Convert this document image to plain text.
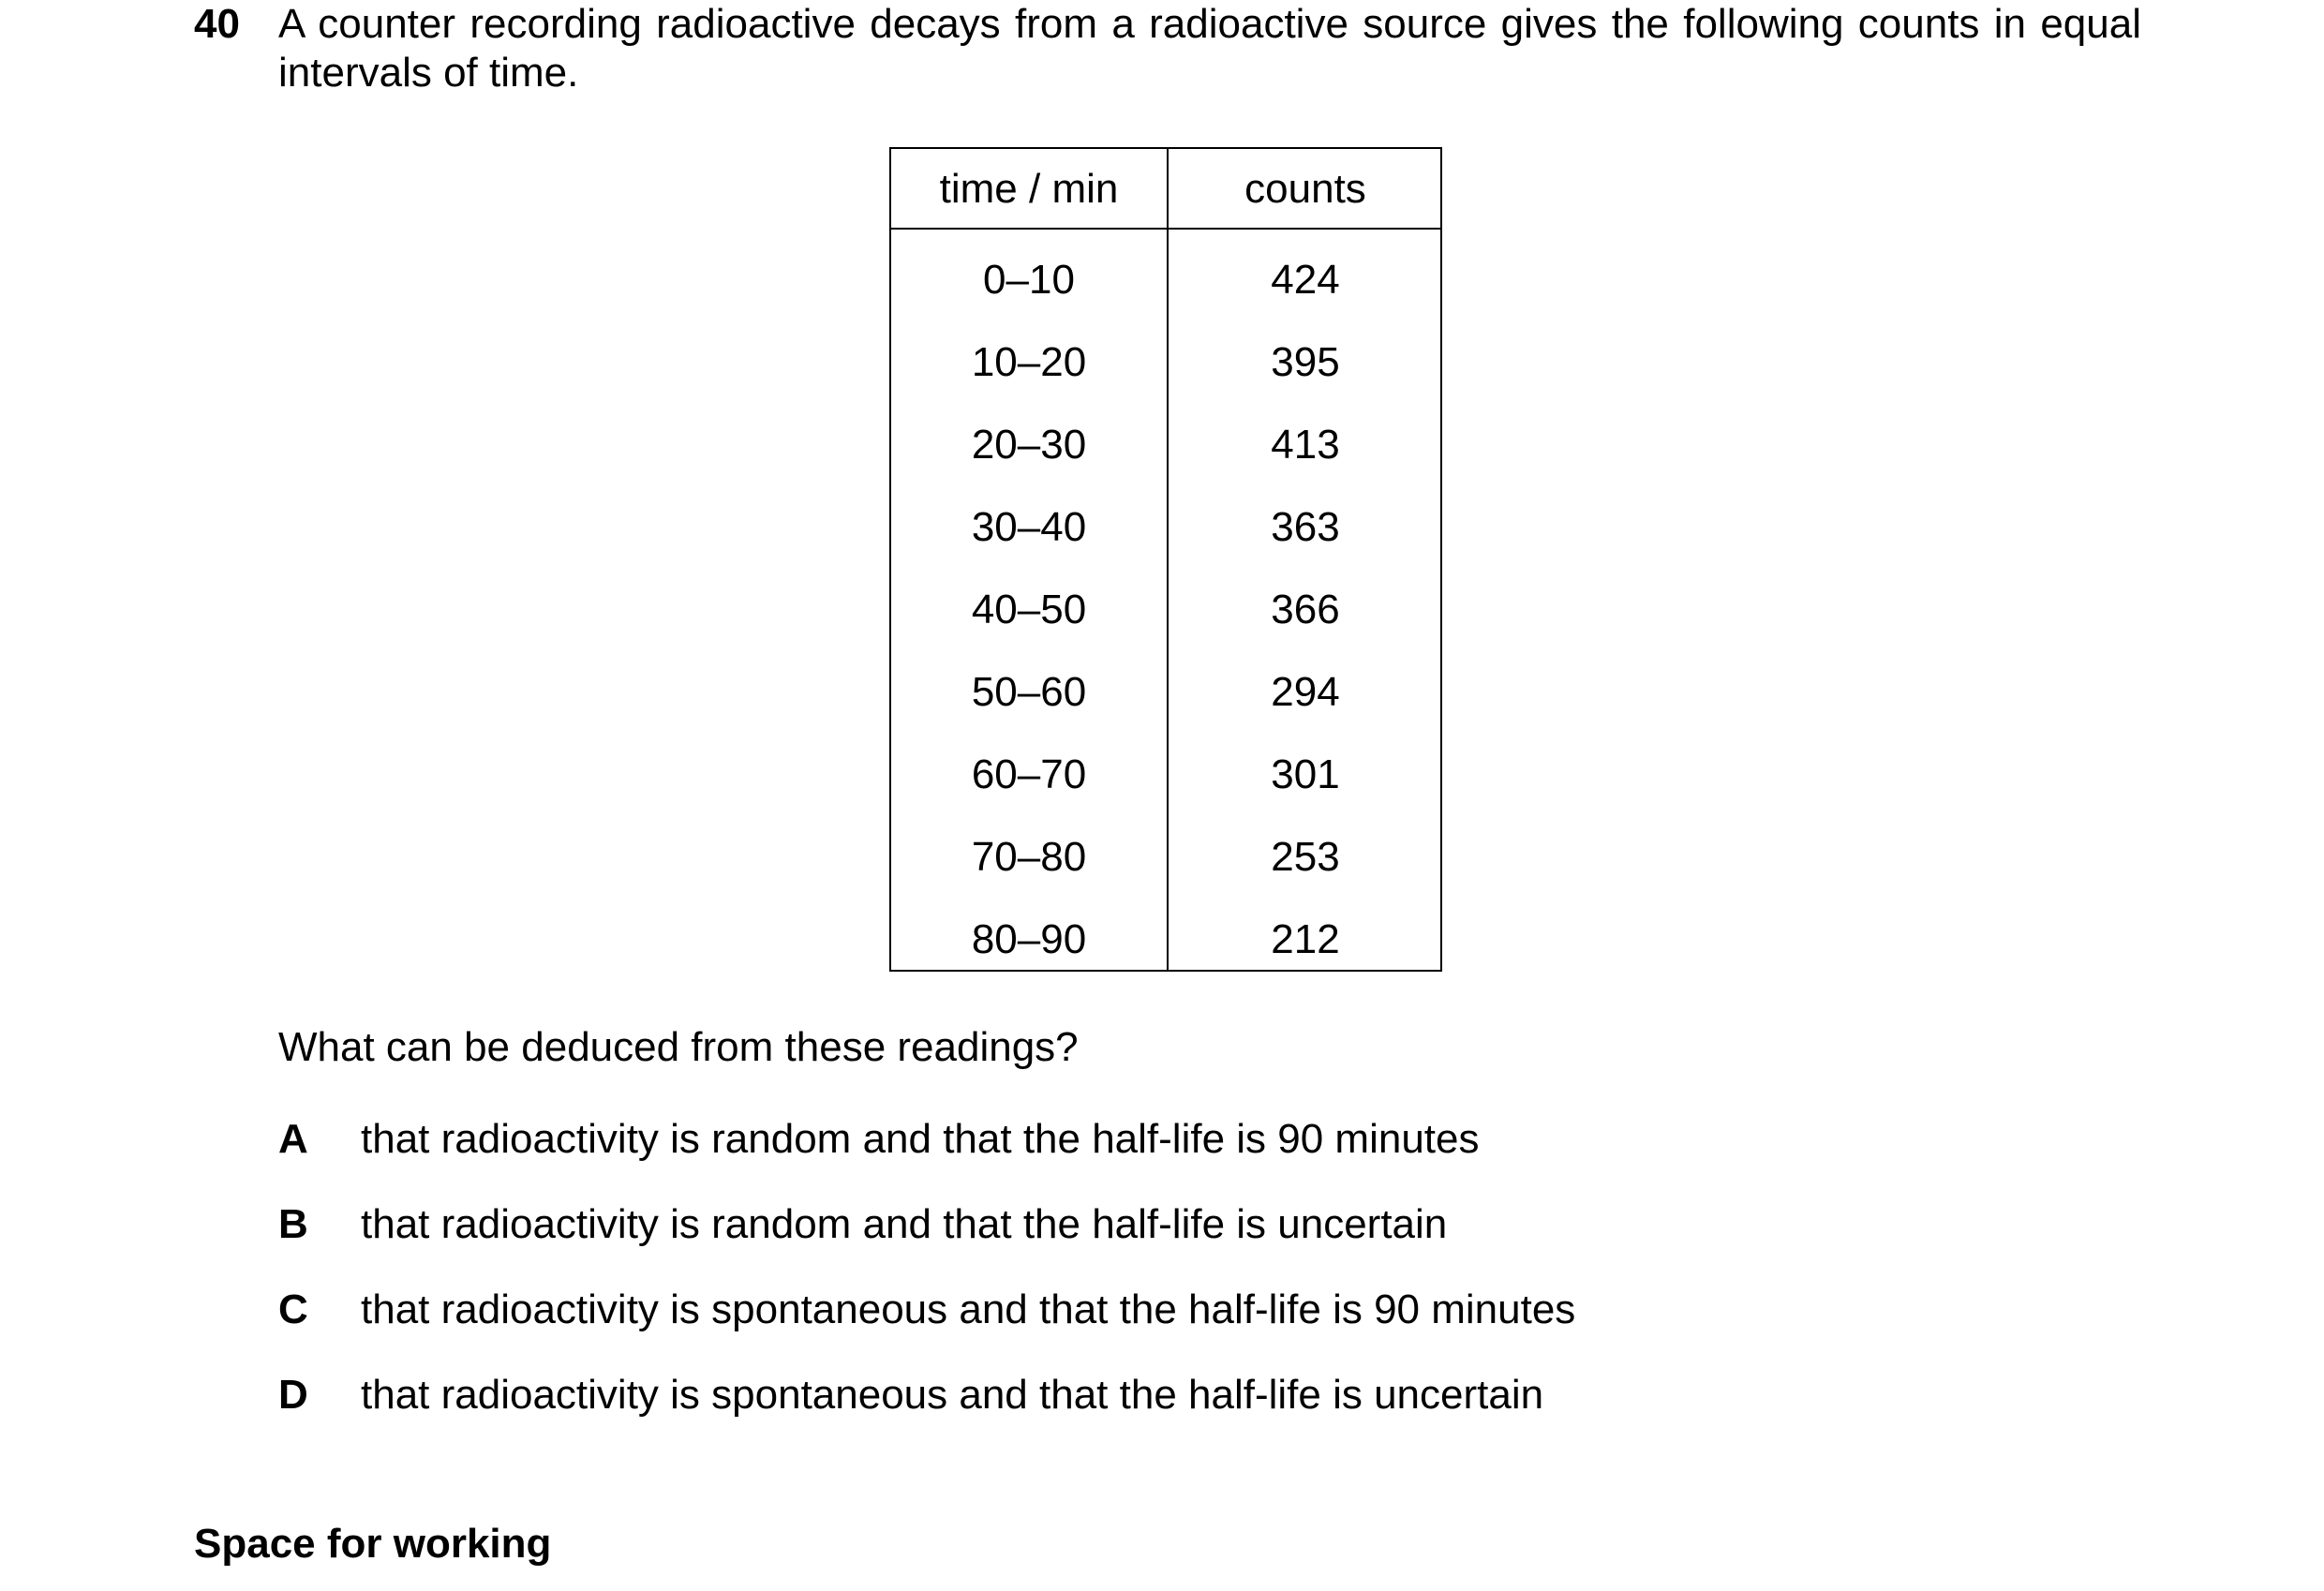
40 A counter recording radioactive decays from a radioactive source gives the following counts in equal intervals of time.
time / min	counts
0–10	424
10–20	395
20–30	413
30–40	363
40–50	366
50–60	294
60–70	301
70–80	253
80–90	212
What can be deduced from these readings?
A	that radioactivity is random and that the half-life is 90 minutes
B	that radioactivity is random and that the half-life is uncertain
C	that radioactivity is spontaneous and that the half-life is 90 minutes
D	that radioactivity is spontaneous and that the half-life is uncertain
Space for working
